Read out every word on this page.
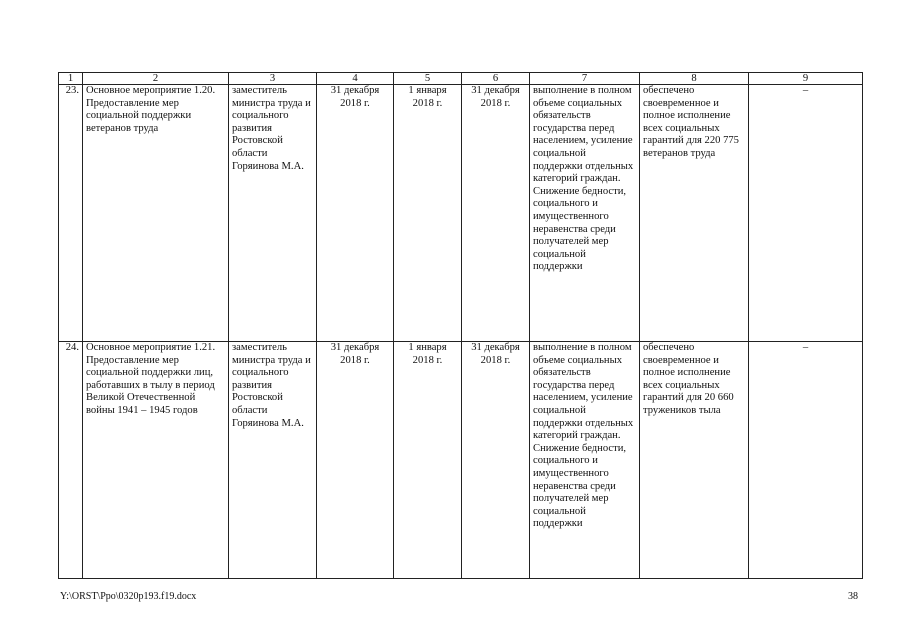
1	2	3	4	5	6	7	8	9
23.	Основное мероприятие 1.20. Предоставление мер социальной поддержки ветеранов труда	заместитель министра труда и социального развития Ростовской области Горяинова М.А.	31 декабря 2018 г.	1 января 2018 г.	31 декабря 2018 г.	выполнение в полном объеме социальных обязательств государства перед населением, усиление социальной поддержки отдельных категорий граждан. Снижение бедности, социального и имущественного неравенства среди получателей мер социальной поддержки	обеспечено своевременное и полное исполнение всех социальных гарантий для 220 775 ветеранов труда	–
24.	Основное мероприятие 1.21. Предоставление мер социальной поддержки лиц, работавших в тылу в период Великой Отечественной войны 1941 – 1945 годов	заместитель министра труда и социального развития Ростовской области Горяинова М.А.	31 декабря 2018 г.	1 января 2018 г.	31 декабря 2018 г.	выполнение в полном объеме социальных обязательств государства перед населением, усиление социальной поддержки отдельных категорий граждан. Снижение бедности, социального и имущественного неравенства среди получателей мер социальной поддержки	обеспечено своевременное и полное исполнение всех социальных гарантий для 20 660 тружеников тыла	–
Y:\ORST\Ppo\0320p193.f19.docx	38
